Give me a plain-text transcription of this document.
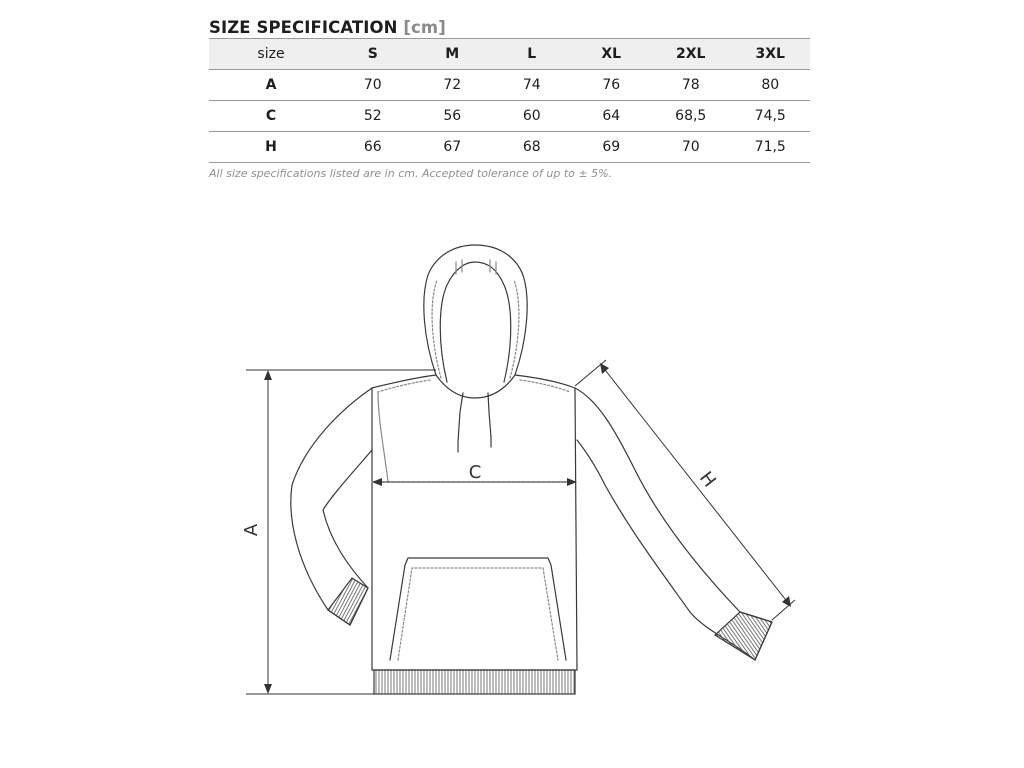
SIZE SPECIFICATION [cm]
size	S	M	L	XL	2XL	3XL
A	70	72	74	76	78	80
C	52	56	60	64	68,5	74,5
H	66	67	68	69	70	71,5
All size specifications listed are in cm. Accepted tolerance of up to ± 5%.
A
C	H
